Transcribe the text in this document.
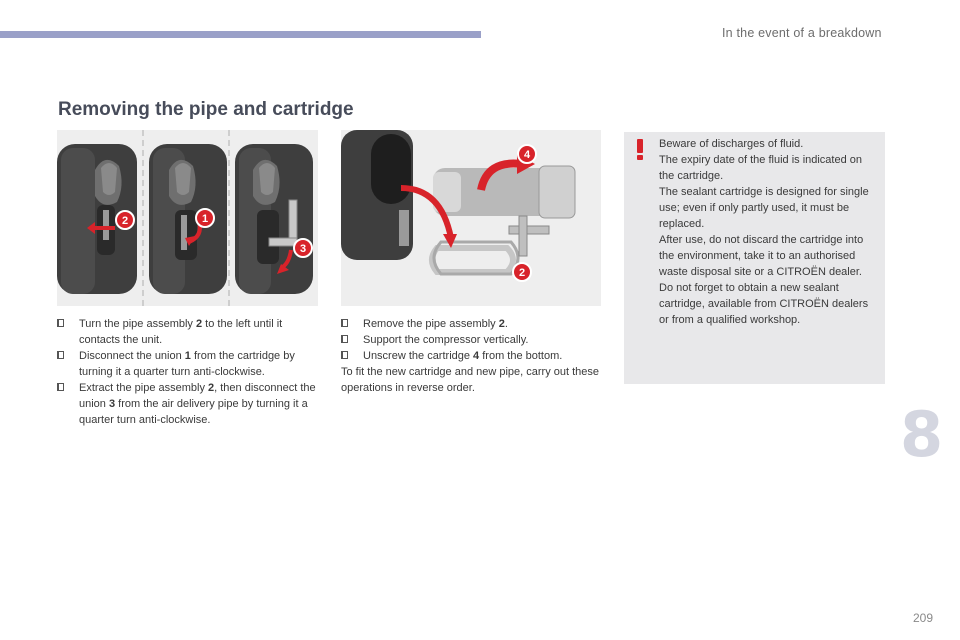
In the event of a breakdown
Removing the pipe and cartridge
2	1
3
4
2
Turn the pipe assembly 2 to the left until it contacts the unit.
Disconnect the union 1 from the cartridge by turning it a quarter turn anti-clockwise.
Extract the pipe assembly 2, then disconnect the union 3 from the air delivery pipe by turning it a quarter turn anti-clockwise.
Remove the pipe assembly 2.
Support the compressor vertically.
Unscrew the cartridge 4 from the bottom.
To fit the new cartridge and new pipe, carry out these operations in reverse order.
Beware of discharges of fluid.
The expiry date of the fluid is indicated on the cartridge.
The sealant cartridge is designed for single use; even if only partly used, it must be replaced.
After use, do not discard the cartridge into the environment, take it to an authorised waste disposal site or a CITROËN dealer.
Do not forget to obtain a new sealant cartridge, available from CITROËN dealers or from a qualified workshop.
8
209
